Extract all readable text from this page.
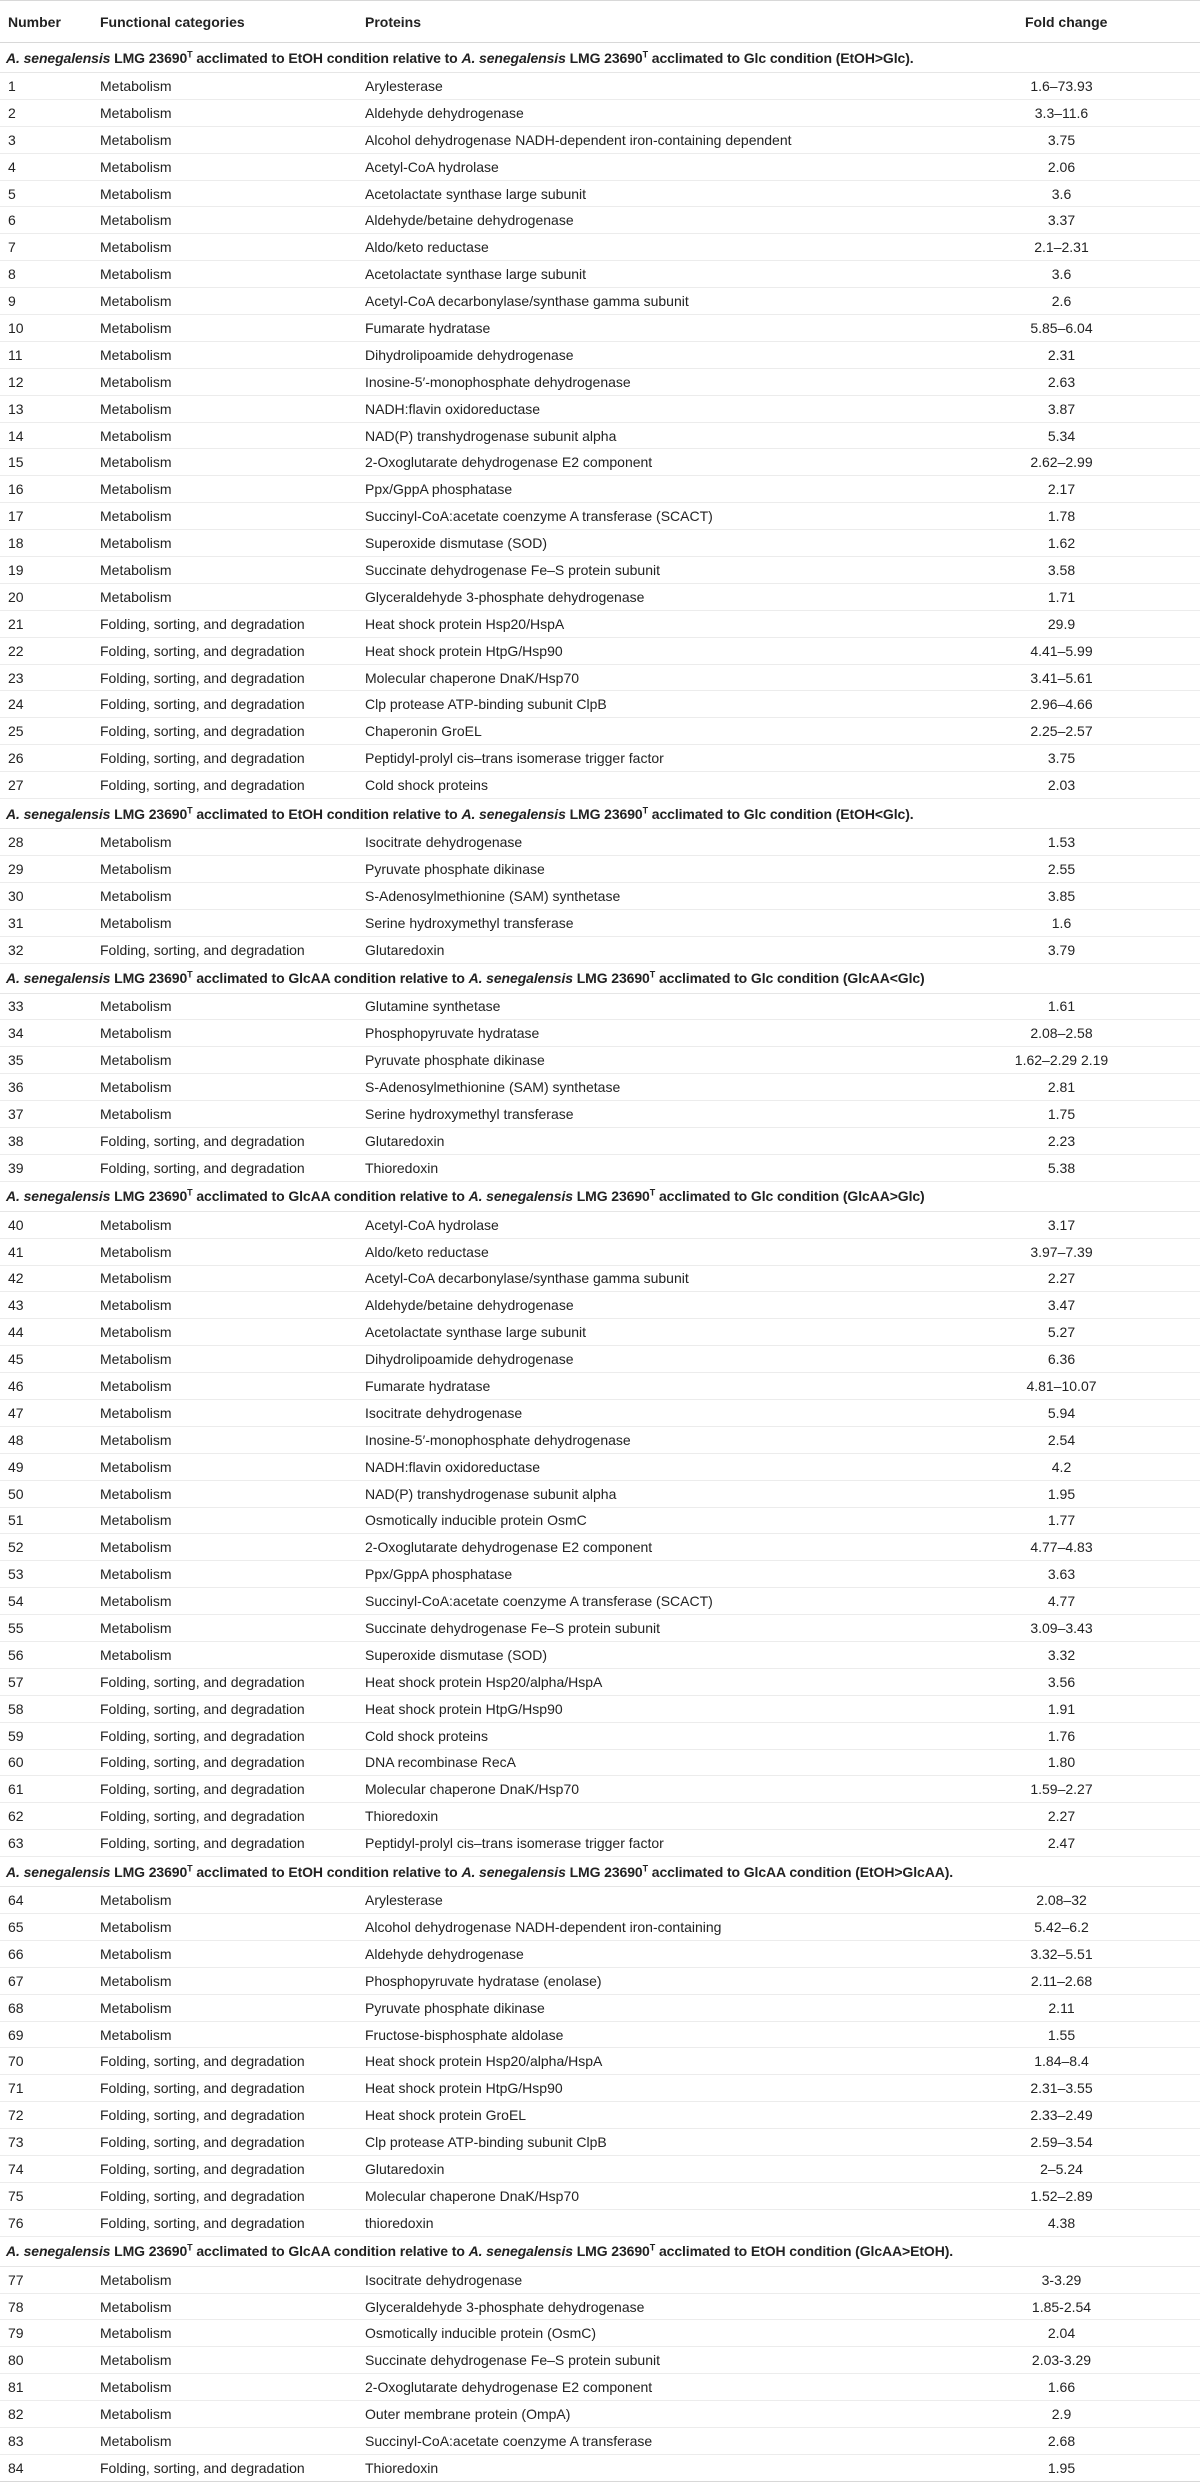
Number	Functional categories	Proteins	Fold change
A. senegalensis LMG $23690^T$ acclimated to EtOH condition relative to A. senegalensis LMG $23690^T$ acclimated to Glc condition (EtOH>Glc).			
1	Metabolism	Arylesterase	1.6–73.93
2	Metabolism	Aldehyde dehydrogenase	3.3–11.6
3	Metabolism	Alcohol dehydrogenase NADH-dependent iron-containing dependent	3.75
4	Metabolism	Acetyl-CoA hydrolase	2.06
5	Metabolism	Acetolactate synthase large subunit	3.6
6	Metabolism	Aldehyde/betaine dehydrogenase	3.37
7	Metabolism	Aldo/keto reductase	2.1–2.31
8	Metabolism	Acetolactate synthase large subunit	3.6
9	Metabolism	Acetyl-CoA decarbonylase/synthase gamma subunit	2.6
10	Metabolism	Fumarate hydratase	5.85–6.04
11	Metabolism	Dihydrolipoamide dehydrogenase	2.31
12	Metabolism	Inosine-5′-monophosphate dehydrogenase	2.63
13	Metabolism	NADH:flavin oxidoreductase	3.87
14	Metabolism	NAD(P) transhydrogenase subunit alpha	5.34
15	Metabolism	2-Oxoglutarate dehydrogenase E2 component	2.62–2.99
16	Metabolism	Ppx/GppA phosphatase	2.17
17	Metabolism	Succinyl-CoA:acetate coenzyme A transferase (SCACT)	1.78
18	Metabolism	Superoxide dismutase (SOD)	1.62
19	Metabolism	Succinate dehydrogenase Fe–S protein subunit	3.58
20	Metabolism	Glyceraldehyde 3-phosphate dehydrogenase	1.71
21	Folding, sorting, and degradation	Heat shock protein Hsp20/HspA	29.9
22	Folding, sorting, and degradation	Heat shock protein HtpG/Hsp90	4.41–5.99
23	Folding, sorting, and degradation	Molecular chaperone DnaK/Hsp70	3.41–5.61
24	Folding, sorting, and degradation	Clp protease ATP-binding subunit ClpB	2.96–4.66
25	Folding, sorting, and degradation	Chaperonin GroEL	2.25–2.57
26	Folding, sorting, and degradation	Peptidyl-prolyl cis–trans isomerase trigger factor	3.75
27	Folding, sorting, and degradation	Cold shock proteins	2.03
A. senegalensis LMG $23690^T$ acclimated to EtOH condition relative to A. senegalensis LMG $23690^T$ acclimated to Glc condition (EtOH<Glc).			
28	Metabolism	Isocitrate dehydrogenase	1.53
29	Metabolism	Pyruvate phosphate dikinase	2.55
30	Metabolism	S-Adenosylmethionine (SAM) synthetase	3.85
31	Metabolism	Serine hydroxymethyl transferase	1.6
32	Folding, sorting, and degradation	Glutaredoxin	3.79
A. senegalensis LMG $23690^T$ acclimated to GlcAA condition relative to A. senegalensis LMG $23690^T$ acclimated to Glc condition (GlcAA<Glc)			
33	Metabolism	Glutamine synthetase	1.61
34	Metabolism	Phosphopyruvate hydratase	2.08–2.58
35	Metabolism	Pyruvate phosphate dikinase	1.62–2.29 2.19
36	Metabolism	S-Adenosylmethionine (SAM) synthetase	2.81
37	Metabolism	Serine hydroxymethyl transferase	1.75
38	Folding, sorting, and degradation	Glutaredoxin	2.23
39	Folding, sorting, and degradation	Thioredoxin	5.38
A. senegalensis LMG $23690^T$ acclimated to GlcAA condition relative to A. senegalensis LMG $23690^T$ acclimated to Glc condition (GlcAA>Glc)			
40	Metabolism	Acetyl-CoA hydrolase	3.17
41	Metabolism	Aldo/keto reductase	3.97–7.39
42	Metabolism	Acetyl-CoA decarbonylase/synthase gamma subunit	2.27
43	Metabolism	Aldehyde/betaine dehydrogenase	3.47
44	Metabolism	Acetolactate synthase large subunit	5.27
45	Metabolism	Dihydrolipoamide dehydrogenase	6.36
46	Metabolism	Fumarate hydratase	4.81–10.07
47	Metabolism	Isocitrate dehydrogenase	5.94
48	Metabolism	Inosine-5′-monophosphate dehydrogenase	2.54
49	Metabolism	NADH:flavin oxidoreductase	4.2
50	Metabolism	NAD(P) transhydrogenase subunit alpha	1.95
51	Metabolism	Osmotically inducible protein OsmC	1.77
52	Metabolism	2-Oxoglutarate dehydrogenase E2 component	4.77–4.83
53	Metabolism	Ppx/GppA phosphatase	3.63
54	Metabolism	Succinyl-CoA:acetate coenzyme A transferase (SCACT)	4.77
55	Metabolism	Succinate dehydrogenase Fe–S protein subunit	3.09–3.43
56	Metabolism	Superoxide dismutase (SOD)	3.32
57	Folding, sorting, and degradation	Heat shock protein Hsp20/alpha/HspA	3.56
58	Folding, sorting, and degradation	Heat shock protein HtpG/Hsp90	1.91
59	Folding, sorting, and degradation	Cold shock proteins	1.76
60	Folding, sorting, and degradation	DNA recombinase RecA	1.80
61	Folding, sorting, and degradation	Molecular chaperone DnaK/Hsp70	1.59–2.27
62	Folding, sorting, and degradation	Thioredoxin	2.27
63	Folding, sorting, and degradation	Peptidyl-prolyl cis–trans isomerase trigger factor	2.47
A. senegalensis LMG $23690^T$ acclimated to EtOH condition relative to A. senegalensis LMG $23690^T$ acclimated to GlcAA condition (EtOH>GlcAA).			
64	Metabolism	Arylesterase	2.08–32
65	Metabolism	Alcohol dehydrogenase NADH-dependent iron-containing	5.42–6.2
66	Metabolism	Aldehyde dehydrogenase	3.32–5.51
67	Metabolism	Phosphopyruvate hydratase (enolase)	2.11–2.68
68	Metabolism	Pyruvate phosphate dikinase	2.11
69	Metabolism	Fructose-bisphosphate aldolase	1.55
70	Folding, sorting, and degradation	Heat shock protein Hsp20/alpha/HspA	1.84–8.4
71	Folding, sorting, and degradation	Heat shock protein HtpG/Hsp90	2.31–3.55
72	Folding, sorting, and degradation	Heat shock protein GroEL	2.33–2.49
73	Folding, sorting, and degradation	Clp protease ATP-binding subunit ClpB	2.59–3.54
74	Folding, sorting, and degradation	Glutaredoxin	2–5.24
75	Folding, sorting, and degradation	Molecular chaperone DnaK/Hsp70	1.52–2.89
76	Folding, sorting, and degradation	thioredoxin	4.38
A. senegalensis LMG $23690^T$ acclimated to GlcAA condition relative to A. senegalensis LMG $23690^T$ acclimated to EtOH condition (GlcAA>EtOH).			
77	Metabolism	Isocitrate dehydrogenase	3-3.29
78	Metabolism	Glyceraldehyde 3-phosphate dehydrogenase	1.85-2.54
79	Metabolism	Osmotically inducible protein (OsmC)	2.04
80	Metabolism	Succinate dehydrogenase Fe–S protein subunit	2.03-3.29
81	Metabolism	2-Oxoglutarate dehydrogenase E2 component	1.66
82	Metabolism	Outer membrane protein (OmpA)	2.9
83	Metabolism	Succinyl-CoA:acetate coenzyme A transferase	2.68
84	Folding, sorting, and degradation	Thioredoxin	1.95
